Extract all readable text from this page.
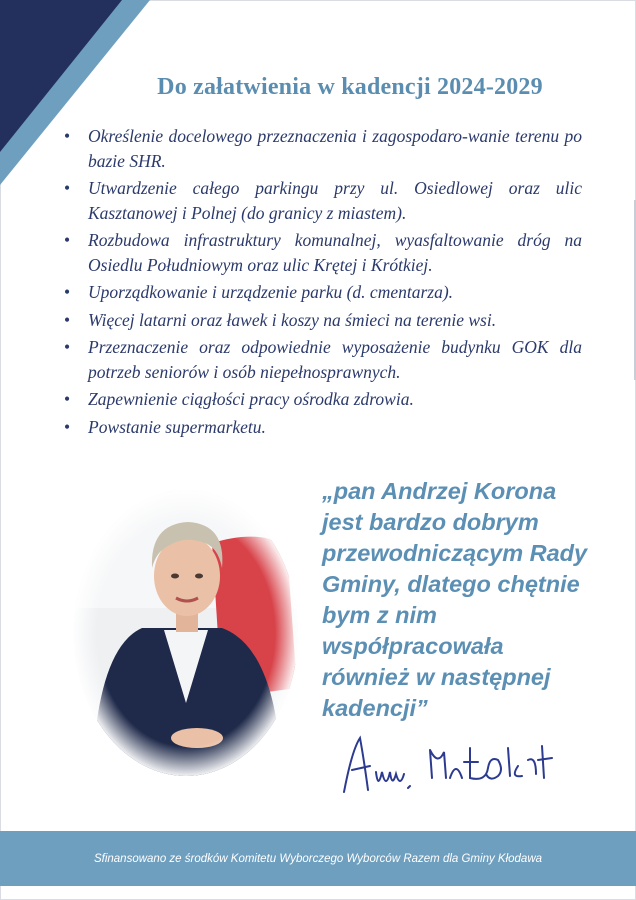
Do załatwienia w kadencji 2024-2029
• Określenie docelowego przeznaczenia i zagospodaro-wanie terenu po bazie SHR.
• Utwardzenie całego parkingu przy ul. Osiedlowej oraz ulic Kasztanowej i Polnej (do granicy z miastem).
• Rozbudowa infrastruktury komunalnej, wyasfaltowanie dróg na Osiedlu Południowym oraz ulic Krętej i Krótkiej.
• Uporządkowanie i urządzenie parku (d. cmentarza).
• Więcej latarni oraz ławek i koszy na śmieci na terenie wsi.
• Przeznaczenie oraz odpowiednie wyposażenie budynku GOK dla potrzeb seniorów i osób niepełnosprawnych.
• Zapewnienie ciągłości pracy ośrodka zdrowia.
• Powstanie supermarketu.
„pan Andrzej Korona jest bardzo dobrym przewodniczącym Rady Gminy, dlatego chętnie bym z nim współpracowała również w następnej kadencji”
Sfinansowano ze środków Komitetu Wyborczego Wyborców Razem dla Gminy Kłodawa
